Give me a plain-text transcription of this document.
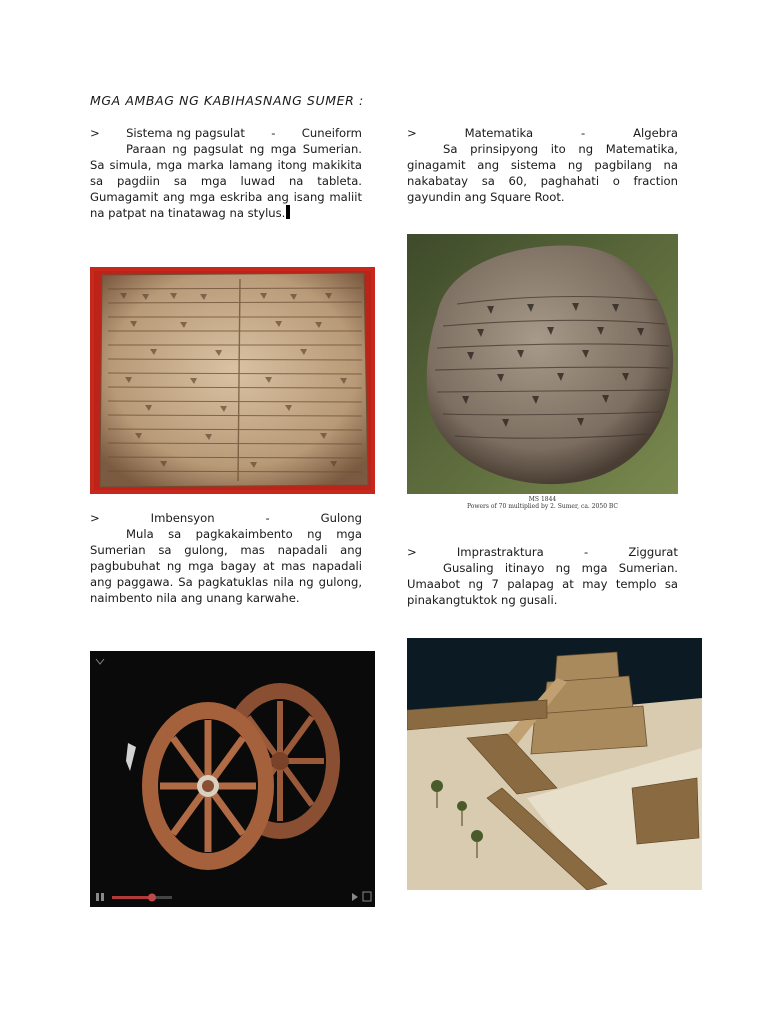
MGA AMBAG NG KABIHASNANG SUMER :
> Sistema ng pagsulat - Cuneiform

Paraan ng pagsulat ng mga Sumerian. Sa simula, mga marka lamang itong makikita sa pagdiin sa mga luwad na tableta. Gumagamit ang mga eskriba ang isang maliit na patpat na tinatawag na stylus.

>	Matematika	-	Algebra

Sa prinsipyong ito ng Matematika, ginagamit ang sistema ng pagbilang na nakabatay sa 60, paghahati o fraction gayundin ang Square Root.

MS 1844
Powers of 70 multiplied by 2. Sumer, ca. 2050 BC
>	Imbensyon	-	Gulong

Mula sa pagkakaimbento ng mga Sumerian sa gulong, mas napadali ang pagbubuhat ng mga bagay at mas napadali ang paggawa. Sa pagkatuklas nila ng gulong, naimbento nila ang unang karwahe.

>	Imprastraktura	-	Ziggurat

Gusaling itinayo ng mga Sumerian. Umaabot ng 7 palapag at may templo sa pinakangtuktok ng gusali.
